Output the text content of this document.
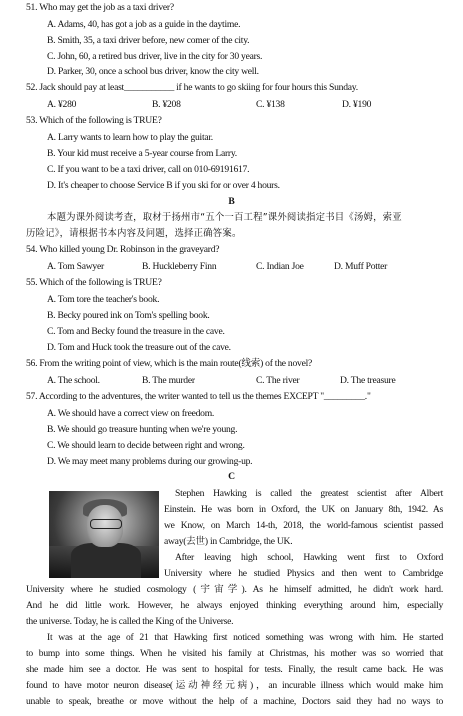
51. Who may get the job as a taxi driver?
A. Adams, 40, has got a job as a guide in the daytime.
B. Smith, 35, a taxi driver before, new comer of the city.
C. John, 60, a retired bus driver, live in the city for 30 years.
D. Parker, 30, once a school bus driver, know the city well.
52. Jack should pay at least___________ if he wants to go skiing for four hours this Sunday.
A. ¥280	B. ¥208	C. ¥138	D. ¥190
53. Which of the following is TRUE?
A. Larry wants to learn how to play the guitar.
B. Your kid must receive a 5-year course from Larry.
C. If you want to be a taxi driver, call on 010-69191617.
D. It's cheaper to choose Service B if you ski for or over 4 hours.
B
本题为课外阅读考查，取材于扬州市“五个一百工程”课外阅读指定书目《汤姆，索亚
历险记》，请根据书本内容及问题，选择正确答案。
54. Who killed young Dr. Robinson in the graveyard?
A. Tom Sawyer	B. Huckleberry Finn	C. Indian Joe	D. Muff Potter
55. Which of the following is TRUE?
A. Tom tore the teacher's book.
B. Becky poured ink on Tom's spelling book.
C. Tom and Becky found the treasure in the cave.
D. Tom and Huck took the treasure out of the cave.
56. From the writing point of view, which is the main route(线索) of the novel?
A. The school.	B. The murder	C. The river	D. The treasure
57. According to the adventures, the writer wanted to tell us the themes EXCEPT "_________."
A. We should have a correct view on freedom.
B. We should go treasure hunting when we're young.
C. We should learn to decide between right and wrong.
D. We may meet many problems during our growing-up.
C
Stephen Hawking is called the greatest scientist after Albert
Einstein. He was born in Oxford, the UK on January 8th, 1942. As
we Know, on March 14-th, 2018, the world-famous scientist passed
away(去世) in Cambridge, the UK.
After leaving high school, Hawking went first to Oxford
University where he studied Physics and then went to Cambridge
University where he studied cosmology (宇宙学). As he himself admitted, he didn't work hard.
And he did little work. However, he always enjoyed thinking everything around him, especially
the universe. Today, he is called the King of the Universe.
It was at the age of 21 that Hawking first noticed something was wrong with him. He started
to bump into some things. When he visited his family at Christmas, his mother was so worried that
she made him see a doctor. He was sent to hospital for tests. Finally, the result came back. He was
found to have motor neuron disease(运动神经元病)，an incurable illness which would make him
unable to speak, breathe or move without the help of a machine, Doctors said they had no ways to
